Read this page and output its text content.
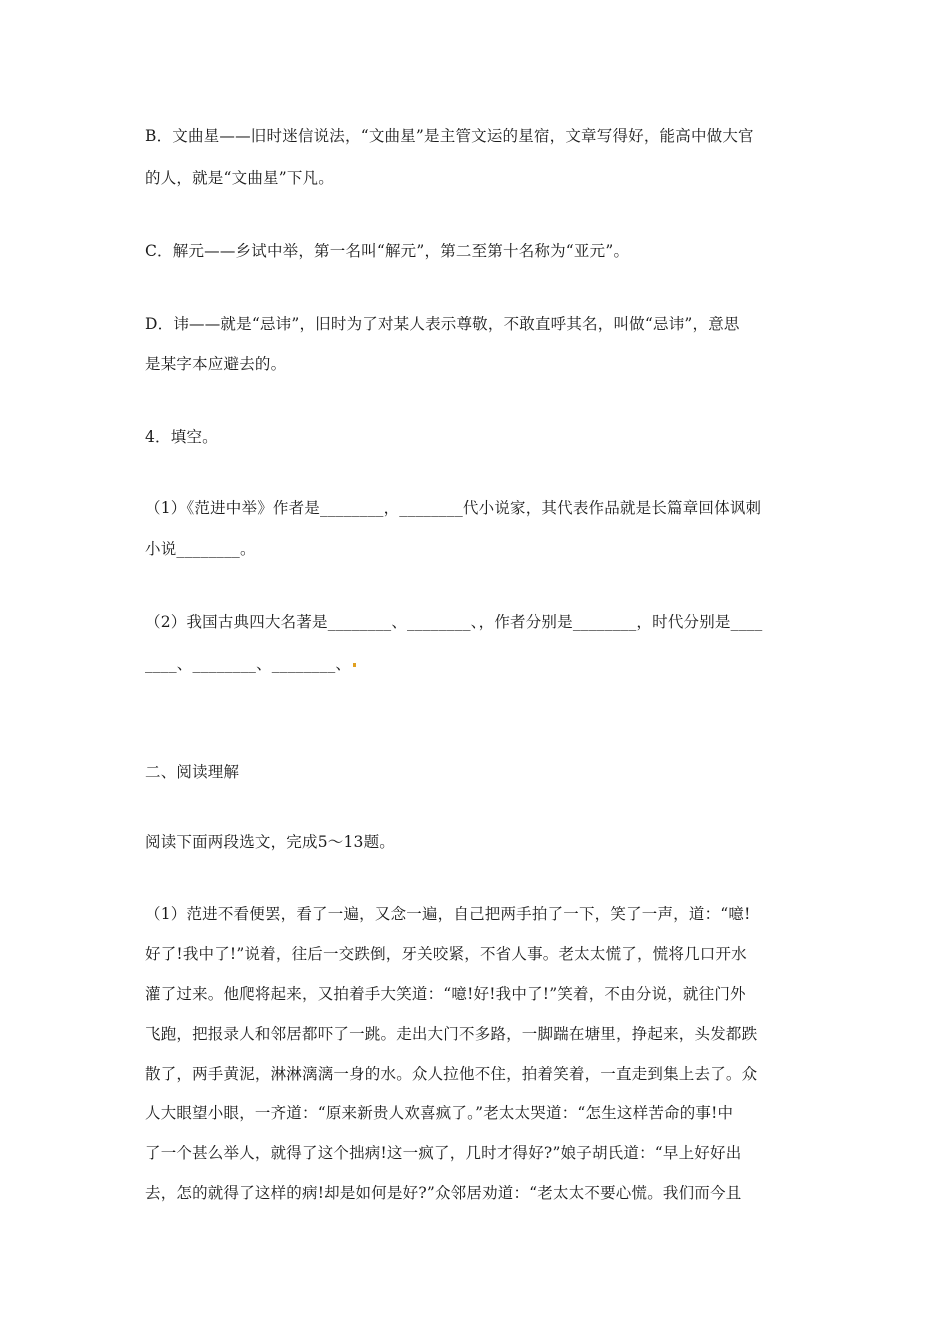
B．文曲星——旧时迷信说法，“文曲星”是主管文运的星宿，文章写得好，能高中做大官
的人，就是“文曲星”下凡。
C．解元——乡试中举，第一名叫“解元”，第二至第十名称为“亚元”。
D．讳——就是“忌讳”，旧时为了对某人表示尊敬，不敢直呼其名，叫做“忌讳”，意思
是某字本应避去的。
4．填空。
（1）《范进中举》作者是________，________代小说家，其代表作品就是长篇章回体讽刺
小说________。
（2）我国古典四大名著是________、________、，作者分别是________，时代分别是____
____、________、________、
二、阅读理解
阅读下面两段选文，完成5～13题。
（1）范进不看便罢，看了一遍，又念一遍，自己把两手拍了一下，笑了一声，道：“噫!
好了!我中了!”说着，往后一交跌倒，牙关咬紧，不省人事。老太太慌了，慌将几口开水
灌了过来。他爬将起来，又拍着手大笑道：“噫!好!我中了!”笑着，不由分说，就往门外
飞跑，把报录人和邻居都吓了一跳。走出大门不多路，一脚踹在塘里，挣起来，头发都跌
散了，两手黄泥，淋淋漓漓一身的水。众人拉他不住，拍着笑着，一直走到集上去了。众
人大眼望小眼，一齐道：“原来新贵人欢喜疯了。”老太太哭道：“怎生这样苦命的事!中
了一个甚么举人，就得了这个拙病!这一疯了，几时才得好?”娘子胡氏道：“早上好好出
去，怎的就得了这样的病!却是如何是好?”众邻居劝道：“老太太不要心慌。我们而今且
